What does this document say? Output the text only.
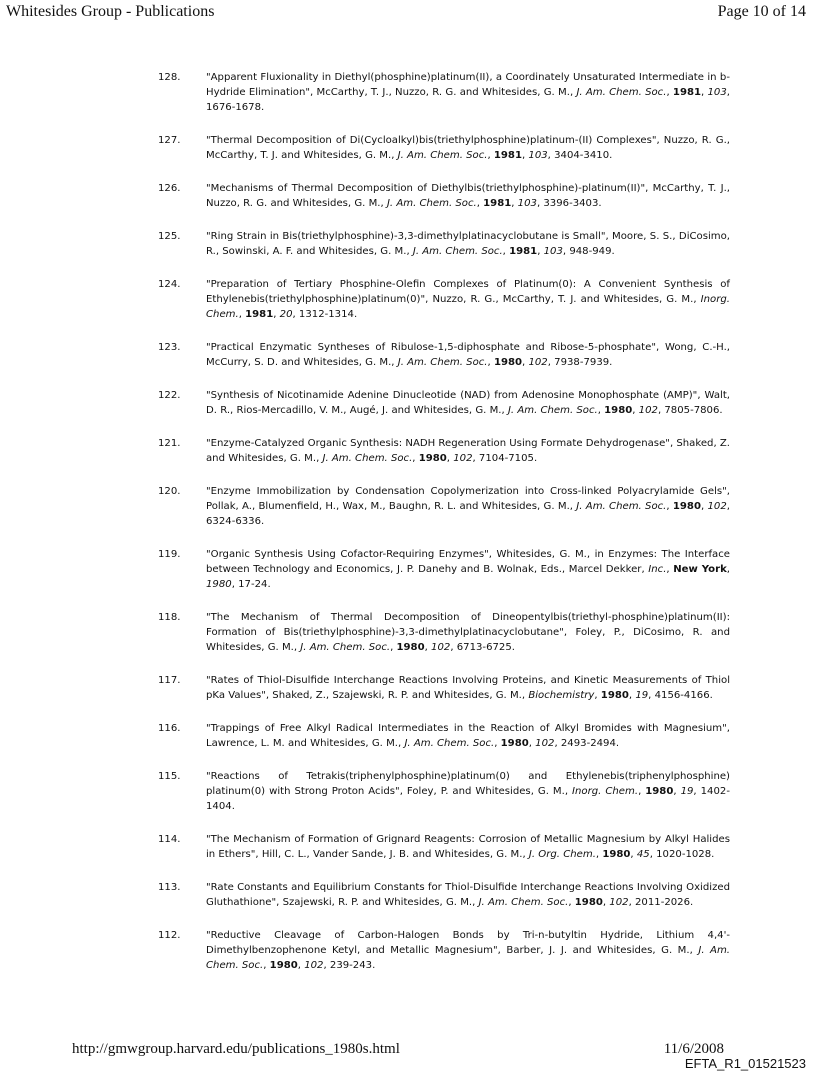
Whitesides Group - Publications	Page 10 of 14
128.	"Apparent Fluxionality in Diethyl(phosphine)platinum(II), a Coordinately Unsaturated Intermediate in b-Hydride Elimination", McCarthy, T. J., Nuzzo, R. G. and Whitesides, G. M., J. Am. Chem. Soc., 1981, 103, 1676-1678.
127.	"Thermal Decomposition of Di(Cycloalkyl)bis(triethylphosphine)platinum-(II) Complexes", Nuzzo, R. G., McCarthy, T. J. and Whitesides, G. M., J. Am. Chem. Soc., 1981, 103, 3404-3410.
126.	"Mechanisms of Thermal Decomposition of Diethylbis(triethylphosphine)-platinum(II)", McCarthy, T. J., Nuzzo, R. G. and Whitesides, G. M., J. Am. Chem. Soc., 1981, 103, 3396-3403.
125.	"Ring Strain in Bis(triethylphosphine)-3,3-dimethylplatinacyclobutane is Small", Moore, S. S., DiCosimo, R., Sowinski, A. F. and Whitesides, G. M., J. Am. Chem. Soc., 1981, 103, 948-949.
124.	"Preparation of Tertiary Phosphine-Olefin Complexes of Platinum(0): A Convenient Synthesis of Ethylenebis(triethylphosphine)platinum(0)", Nuzzo, R. G., McCarthy, T. J. and Whitesides, G. M., Inorg. Chem., 1981, 20, 1312-1314.
123.	"Practical Enzymatic Syntheses of Ribulose-1,5-diphosphate and Ribose-5-phosphate", Wong, C.-H., McCurry, S. D. and Whitesides, G. M., J. Am. Chem. Soc., 1980, 102, 7938-7939.
122.	"Synthesis of Nicotinamide Adenine Dinucleotide (NAD) from Adenosine Monophosphate (AMP)", Walt, D. R., Rios-Mercadillo, V. M., Augé, J. and Whitesides, G. M., J. Am. Chem. Soc., 1980, 102, 7805-7806.
121.	"Enzyme-Catalyzed Organic Synthesis: NADH Regeneration Using Formate Dehydrogenase", Shaked, Z. and Whitesides, G. M., J. Am. Chem. Soc., 1980, 102, 7104-7105.
120.	"Enzyme Immobilization by Condensation Copolymerization into Cross-linked Polyacrylamide Gels", Pollak, A., Blumenfield, H., Wax, M., Baughn, R. L. and Whitesides, G. M., J. Am. Chem. Soc., 1980, 102, 6324-6336.
119.	"Organic Synthesis Using Cofactor-Requiring Enzymes", Whitesides, G. M., in Enzymes: The Interface between Technology and Economics, J. P. Danehy and B. Wolnak, Eds., Marcel Dekker, Inc., New York, 1980, 17-24.
118.	"The Mechanism of Thermal Decomposition of Dineopentylbis(triethyl-phosphine)platinum(II): Formation of Bis(triethylphosphine)-3,3-dimethylplatinacyclobutane", Foley, P., DiCosimo, R. and Whitesides, G. M., J. Am. Chem. Soc., 1980, 102, 6713-6725.
117.	"Rates of Thiol-Disulfide Interchange Reactions Involving Proteins, and Kinetic Measurements of Thiol pKa Values", Shaked, Z., Szajewski, R. P. and Whitesides, G. M., Biochemistry, 1980, 19, 4156-4166.
116.	"Trappings of Free Alkyl Radical Intermediates in the Reaction of Alkyl Bromides with Magnesium", Lawrence, L. M. and Whitesides, G. M., J. Am. Chem. Soc., 1980, 102, 2493-2494.
115.	"Reactions of Tetrakis(triphenylphosphine)platinum(0) and Ethylenebis(triphenylphosphine) platinum(0) with Strong Proton Acids", Foley, P. and Whitesides, G. M., Inorg. Chem., 1980, 19, 1402-1404.
114.	"The Mechanism of Formation of Grignard Reagents: Corrosion of Metallic Magnesium by Alkyl Halides in Ethers", Hill, C. L., Vander Sande, J. B. and Whitesides, G. M., J. Org. Chem., 1980, 45, 1020-1028.
113.	"Rate Constants and Equilibrium Constants for Thiol-Disulfide Interchange Reactions Involving Oxidized Gluthathione", Szajewski, R. P. and Whitesides, G. M., J. Am. Chem. Soc., 1980, 102, 2011-2026.
112.	"Reductive Cleavage of Carbon-Halogen Bonds by Tri-n-butyltin Hydride, Lithium 4,4'-Dimethylbenzophenone Ketyl, and Metallic Magnesium", Barber, J. J. and Whitesides, G. M., J. Am. Chem. Soc., 1980, 102, 239-243.
http://gmwgroup.harvard.edu/publications_1980s.html	11/6/2008
EFTA_R1_01521523
